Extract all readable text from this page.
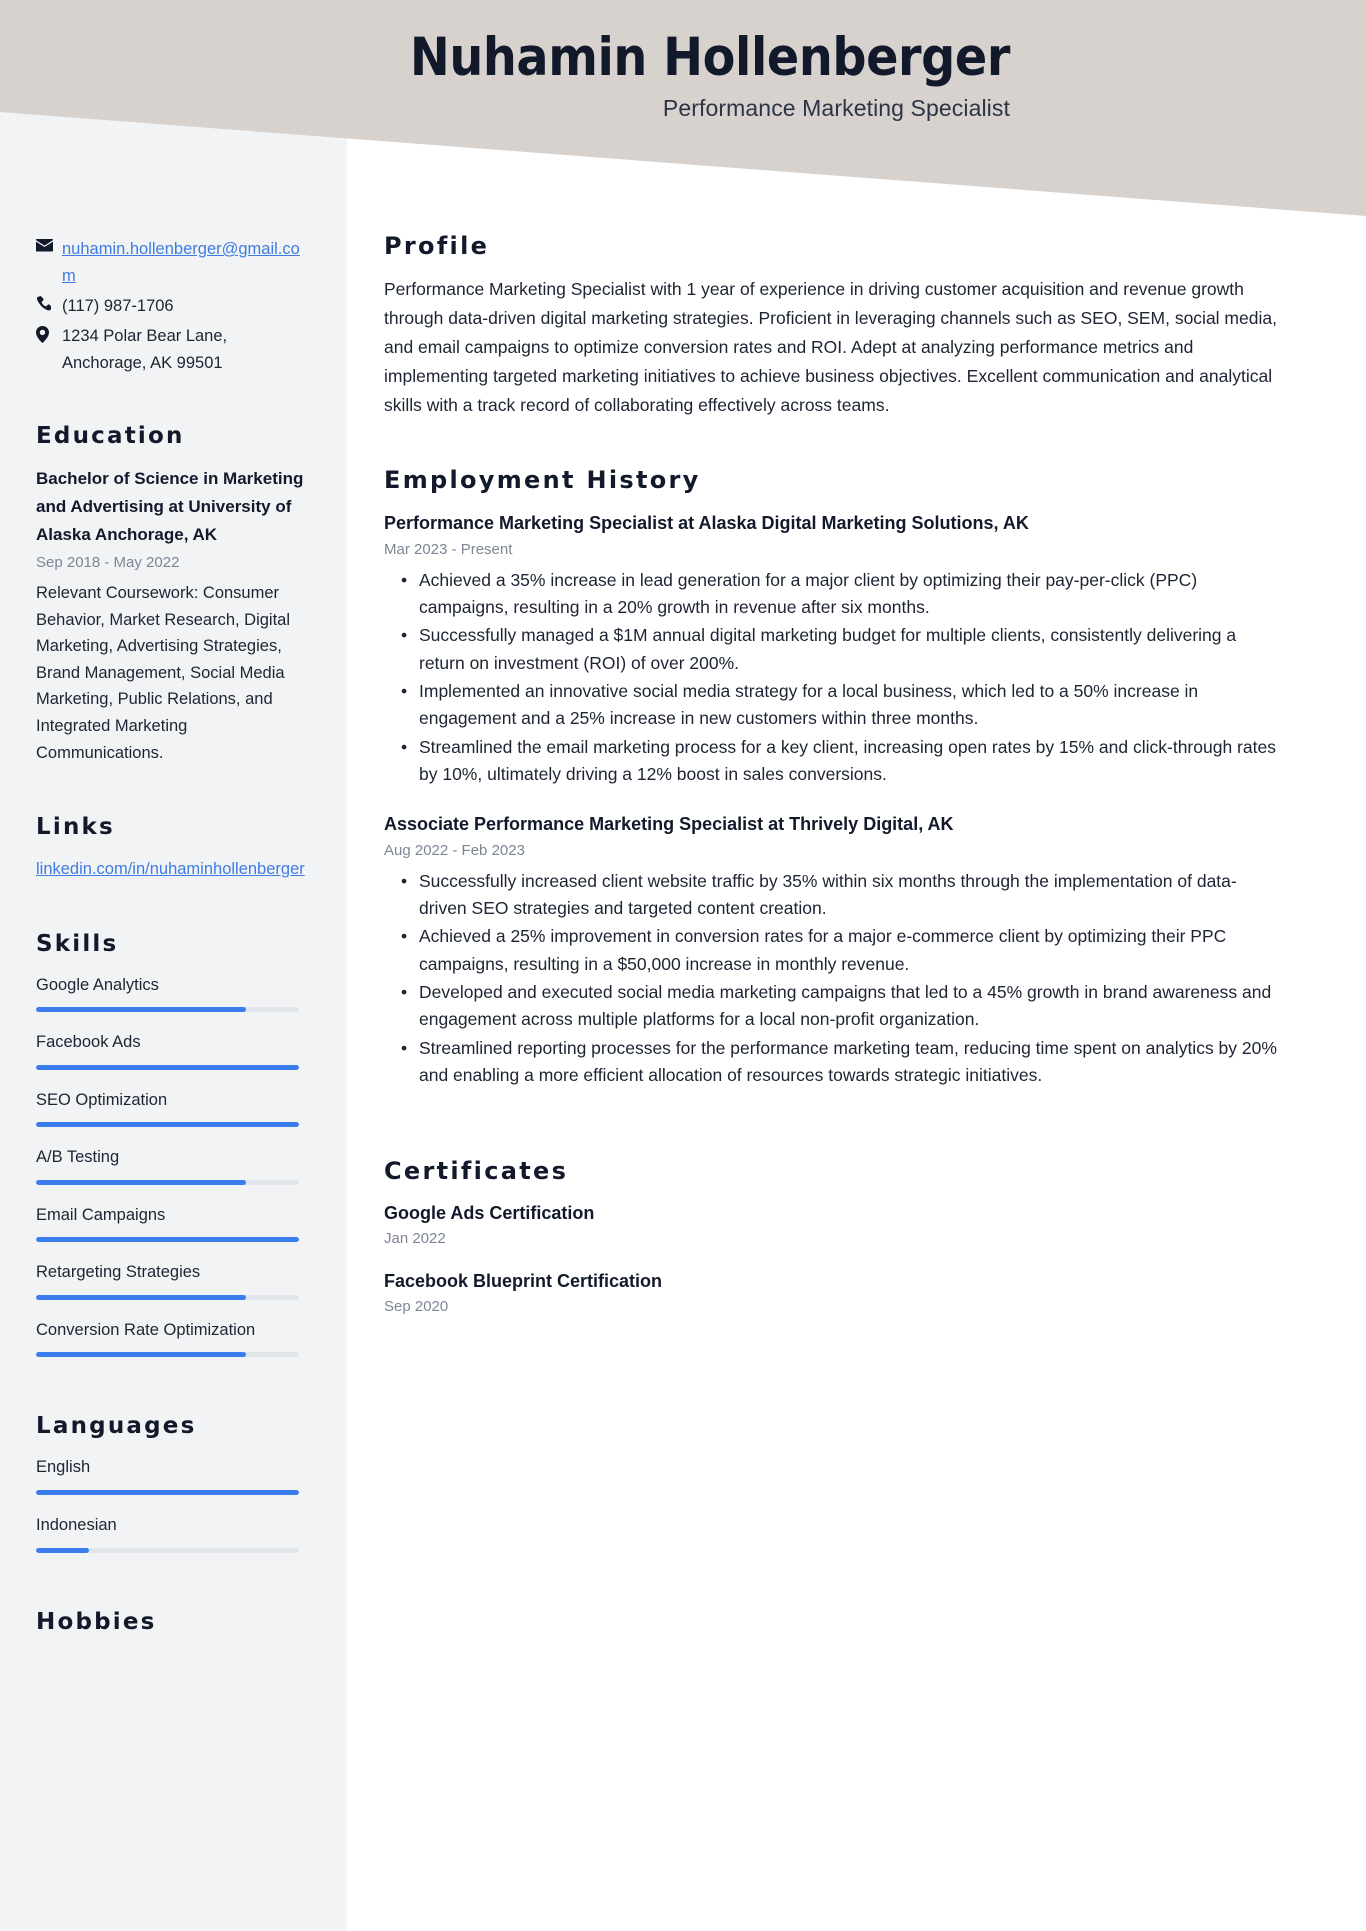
nuhamin.hollenberger@gmail.com
(117) 987-1706
1234 Polar Bear Lane,
Anchorage, AK 99501
Education
Bachelor of Science in Marketing and Advertising at University of Alaska Anchorage, AK
Sep 2018 - May 2022
Relevant Coursework: Consumer Behavior, Market Research, Digital Marketing, Advertising Strategies, Brand Management, Social Media Marketing, Public Relations, and Integrated Marketing Communications.
Links
linkedin.com/in/nuhaminhollenberger
Skills
Google Analytics
Facebook Ads
SEO Optimization
A/B Testing
Email Campaigns
Retargeting Strategies
Conversion Rate Optimization
Languages
English
Indonesian
Hobbies
Nuhamin Hollenberger
Performance Marketing Specialist
Profile
Performance Marketing Specialist with 1 year of experience in driving customer acquisition and revenue growth through data-driven digital marketing strategies. Proficient in leveraging channels such as SEO, SEM, social media, and email campaigns to optimize conversion rates and ROI. Adept at analyzing performance metrics and implementing targeted marketing initiatives to achieve business objectives. Excellent communication and analytical skills with a track record of collaborating effectively across teams.
Employment History
Performance Marketing Specialist at Alaska Digital Marketing Solutions, AK
Mar 2023 - Present
• Achieved a 35% increase in lead generation for a major client by optimizing their pay-per-click (PPC) campaigns, resulting in a 20% growth in revenue after six months.
• Successfully managed a $1M annual digital marketing budget for multiple clients, consistently delivering a return on investment (ROI) of over 200%.
• Implemented an innovative social media strategy for a local business, which led to a 50% increase in engagement and a 25% increase in new customers within three months.
• Streamlined the email marketing process for a key client, increasing open rates by 15% and click-through rates by 10%, ultimately driving a 12% boost in sales conversions.
Associate Performance Marketing Specialist at Thrively Digital, AK
Aug 2022 - Feb 2023
• Successfully increased client website traffic by 35% within six months through the implementation of data-driven SEO strategies and targeted content creation.
• Achieved a 25% improvement in conversion rates for a major e-commerce client by optimizing their PPC campaigns, resulting in a $50,000 increase in monthly revenue.
• Developed and executed social media marketing campaigns that led to a 45% growth in brand awareness and engagement across multiple platforms for a local non-profit organization.
• Streamlined reporting processes for the performance marketing team, reducing time spent on analytics by 20% and enabling a more efficient allocation of resources towards strategic initiatives.
Certificates
Google Ads Certification
Jan 2022
Facebook Blueprint Certification
Sep 2020
